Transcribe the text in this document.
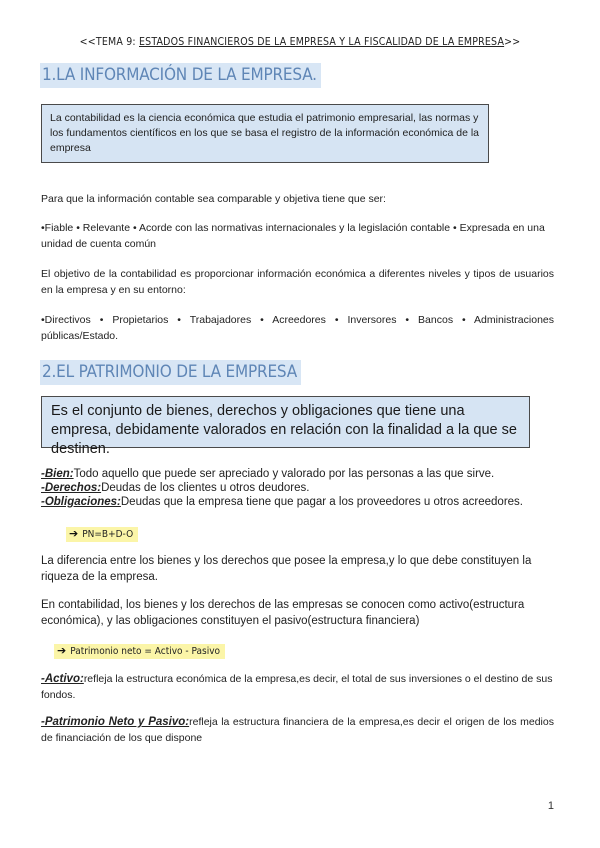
<<TEMA 9: ESTADOS FINANCIEROS DE LA EMPRESA Y LA FISCALIDAD DE LA EMPRESA>>
1.LA INFORMACIÓN DE LA EMPRESA.
La contabilidad es la ciencia económica que estudia el patrimonio empresarial, las normas y los fundamentos científicos en los que se basa el registro de la información económica de la empresa
Para que la información contable sea comparable y objetiva tiene que ser:
•Fiable • Relevante • Acorde con las normativas internacionales y la legislación contable • Expresada en una unidad de cuenta común
El objetivo de la contabilidad es proporcionar información económica a diferentes niveles y tipos de usuarios en la empresa y en su entorno:
•Directivos • Propietarios • Trabajadores • Acreedores • Inversores • Bancos • Administraciones públicas/Estado.
2.EL PATRIMONIO DE LA EMPRESA
Es el conjunto de bienes, derechos y obligaciones que tiene una empresa, debidamente valorados en relación con la finalidad a la que se destinen.
-Bien:Todo aquello que puede ser apreciado y valorado por las personas a las que sirve.
-Derechos:Deudas de los clientes u otros deudores.
-Obligaciones:Deudas que la empresa tiene que pagar a los proveedores u otros acreedores.
➔ PN=B+D-O
La diferencia entre los bienes y los derechos que posee la empresa,y lo que debe constituyen la riqueza de la empresa.
En contabilidad, los bienes y los derechos de las empresas se conocen como activo(estructura económica), y las obligaciones constituyen el pasivo(estructura financiera)
➔ Patrimonio neto = Activo - Pasivo
-Activo:refleja la estructura económica de la empresa,es decir, el total de sus inversiones o el destino de sus fondos.
-Patrimonio Neto y Pasivo:refleja la estructura financiera de la empresa,es decir el origen de los medios de financiación de los que dispone
1
